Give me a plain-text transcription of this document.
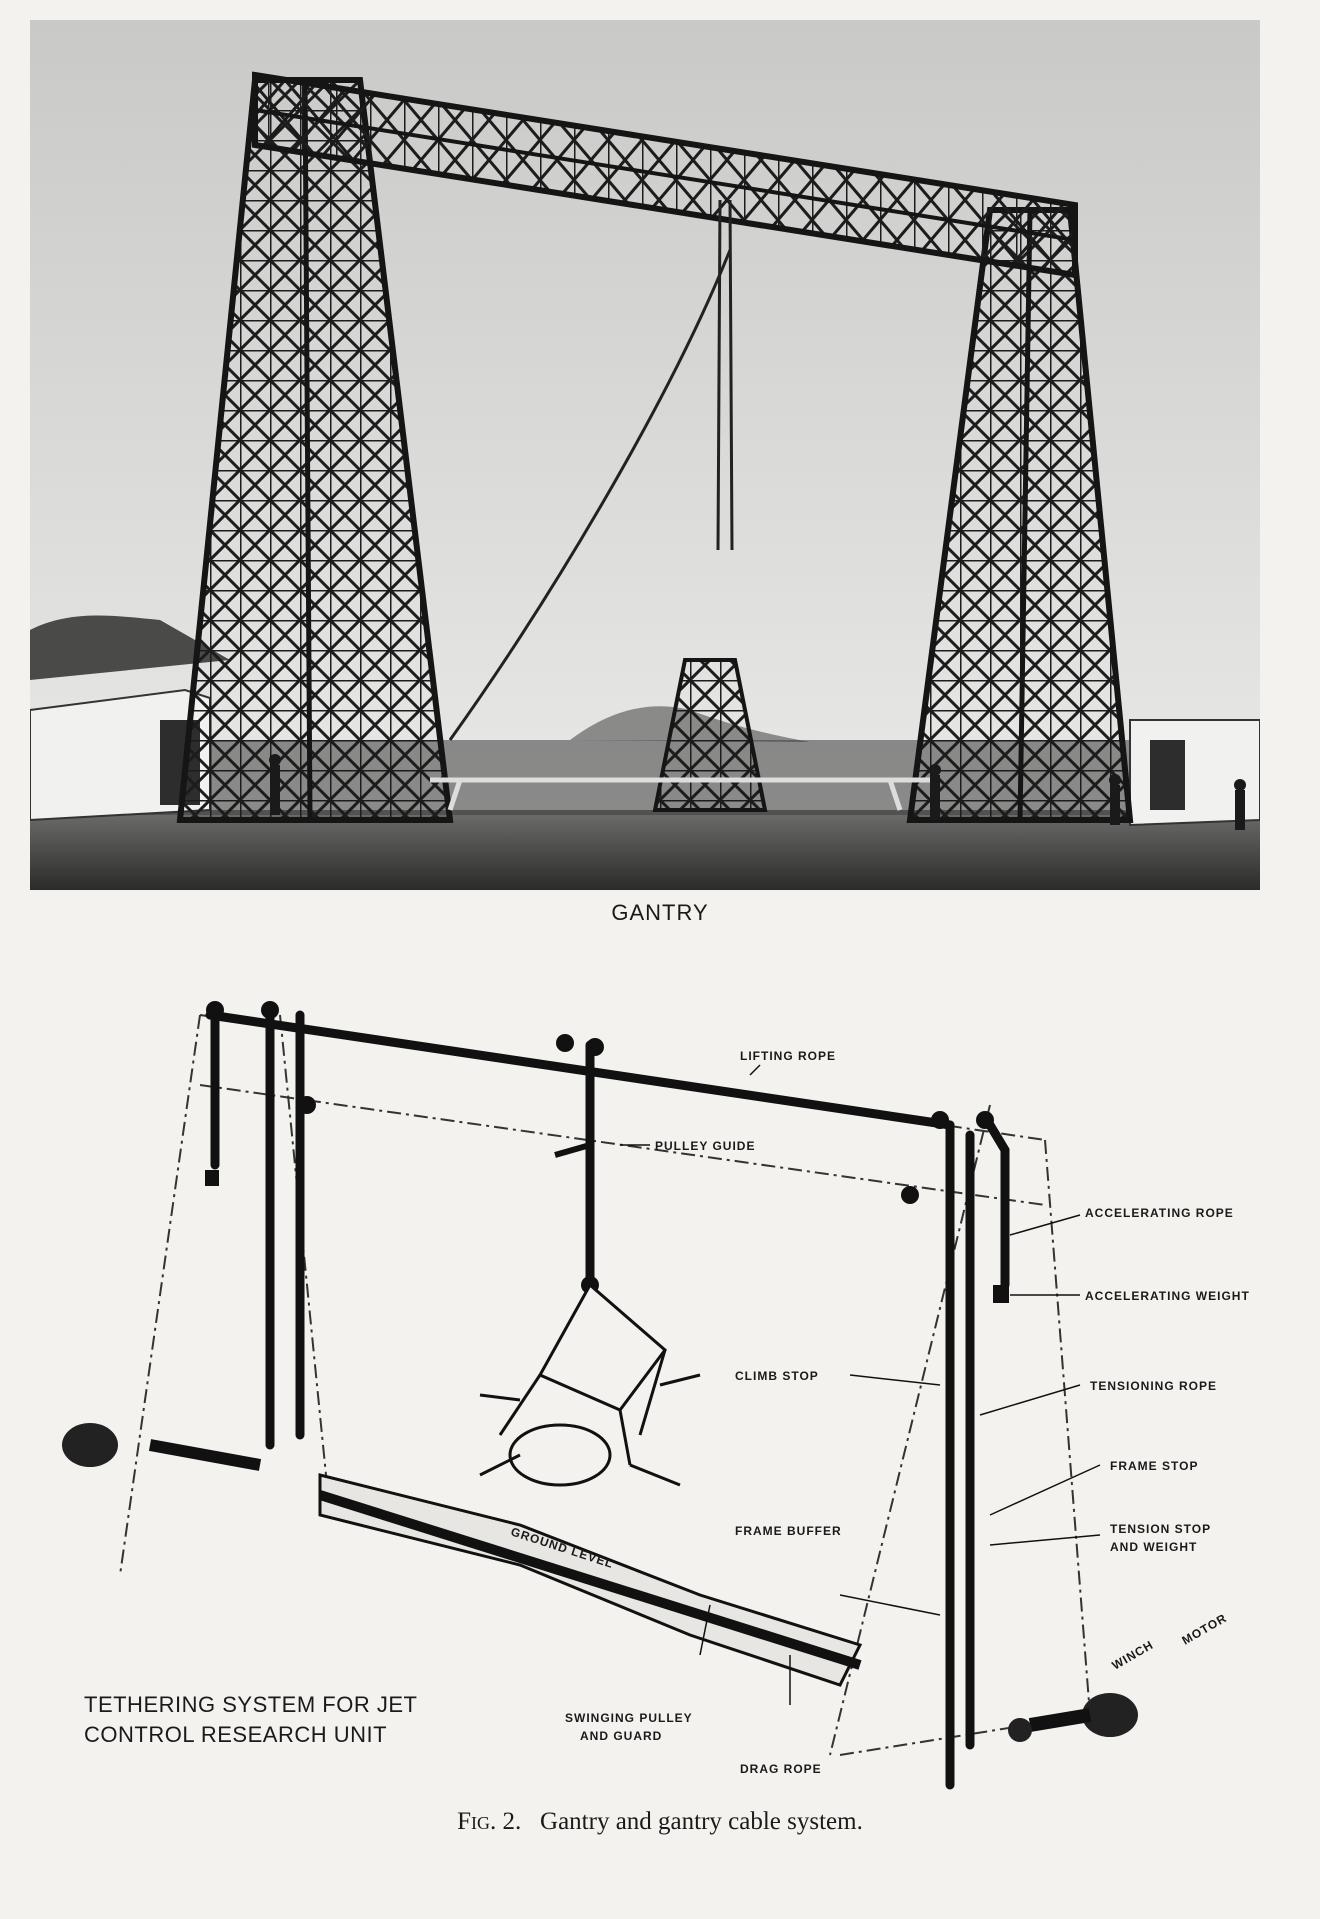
GANTRY
LIFTING ROPE
PULLEY GUIDE
ACCELERATING ROPE
ACCELERATING WEIGHT
CLIMB STOP
TENSIONING ROPE
FRAME STOP
FRAME BUFFER	TENSION STOP
AND WEIGHT
GROUND LEVEL
UNDER
SWINGING PULLEY
AND GUARD
DRAG ROPE
WINCH
MOTOR
TETHERING SYSTEM FOR JET
CONTROL RESEARCH UNIT
Fig. 2. Gantry and gantry cable system.
